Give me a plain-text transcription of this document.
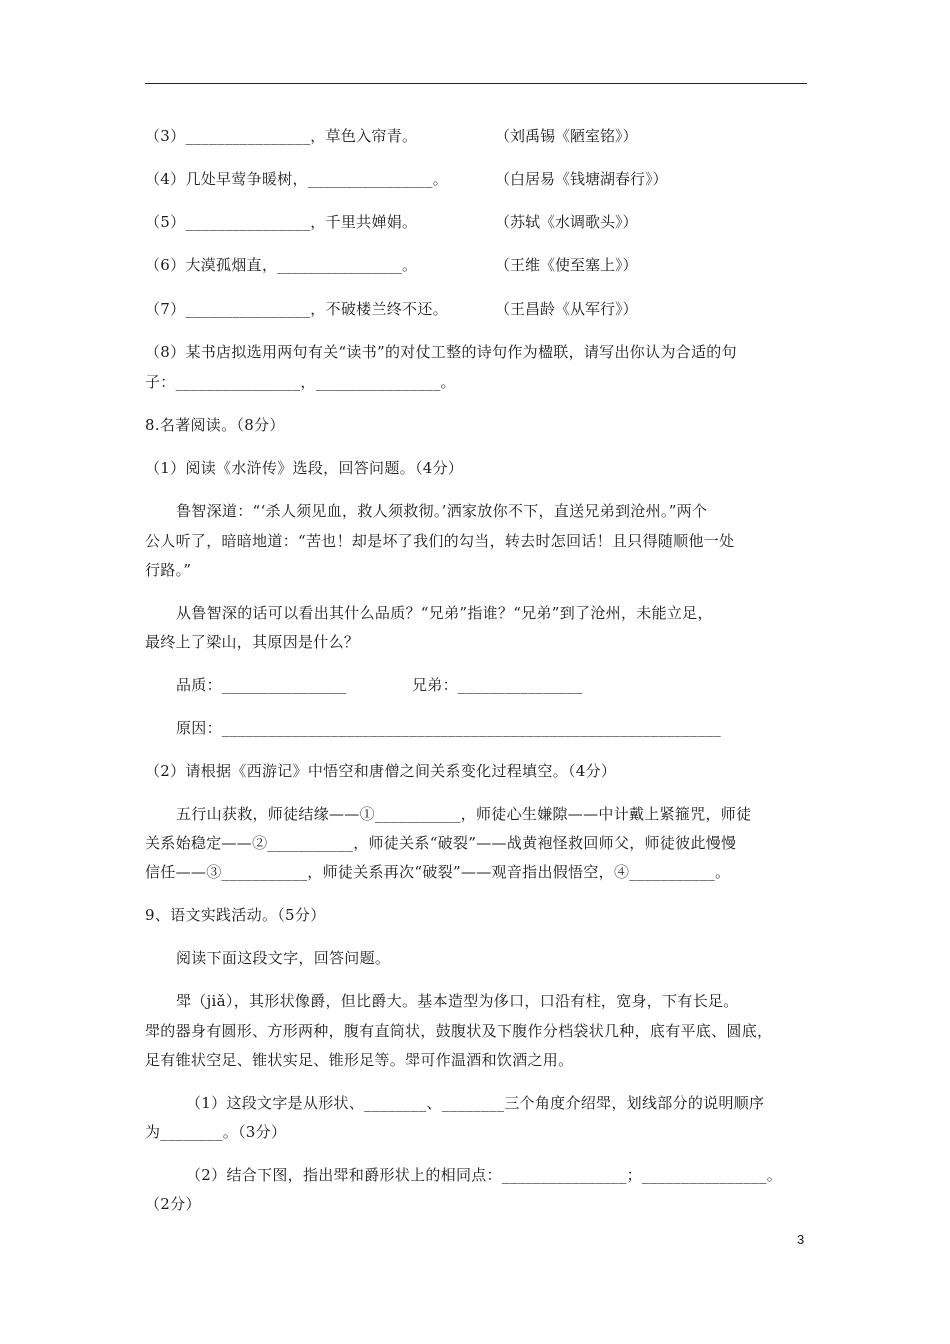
（3）________________，草色入帘青。	（刘禹锡《陋室铭》）
（4）几处早莺争暖树，________________。	（白居易《钱塘湖春行》）
（5）________________，千里共婵娟。	（苏轼《水调歌头》）
（6）大漠孤烟直，________________。	（王维《使至塞上》）
（7）________________，不破楼兰终不还。	（王昌龄《从军行》）
（8）某书店拟选用两句有关“读书”的对仗工整的诗句作为楹联，请写出你认为合适的句
子：________________，________________。
8.名著阅读。（8分）
（1）阅读《水浒传》选段，回答问题。（4分）
鲁智深道：“‘杀人须见血，救人须救彻。’洒家放你不下，直送兄弟到沧州。”两个
公人听了，暗暗地道：“苦也！却是坏了我们的勾当，转去时怎回话！且只得随顺他一处
行路。”
从鲁智深的话可以看出其什么品质？“兄弟”指谁？“兄弟”到了沧州，未能立足，
最终上了梁山，其原因是什么？
品质：________________	兄弟：________________
原因：________________________________________________________________
（2）请根据《西游记》中悟空和唐僧之间关系变化过程填空。（4分）
五行山获救，师徒结缘——①___________，师徒心生嫌隙——中计戴上紧箍咒，师徒
关系始稳定——②___________，师徒关系“破裂”——战黄袍怪救回师父，师徒彼此慢慢
信任——③___________，师徒关系再次“破裂”——观音指出假悟空，④___________。
9、语文实践活动。（5分）
阅读下面这段文字，回答问题。
斝（jiǎ），其形状像爵，但比爵大。基本造型为侈口，口沿有柱，宽身，下有长足。
斝的器身有圆形、方形两种，腹有直筒状，鼓腹状及下腹作分档袋状几种，底有平底、圆底，
足有锥状空足、锥状实足、锥形足等。斝可作温酒和饮酒之用。
（1）这段文字是从形状、________、________三个角度介绍斝，划线部分的说明顺序
为________。（3分）
（2）结合下图，指出斝和爵形状上的相同点：________________；________________。
（2分）
3
